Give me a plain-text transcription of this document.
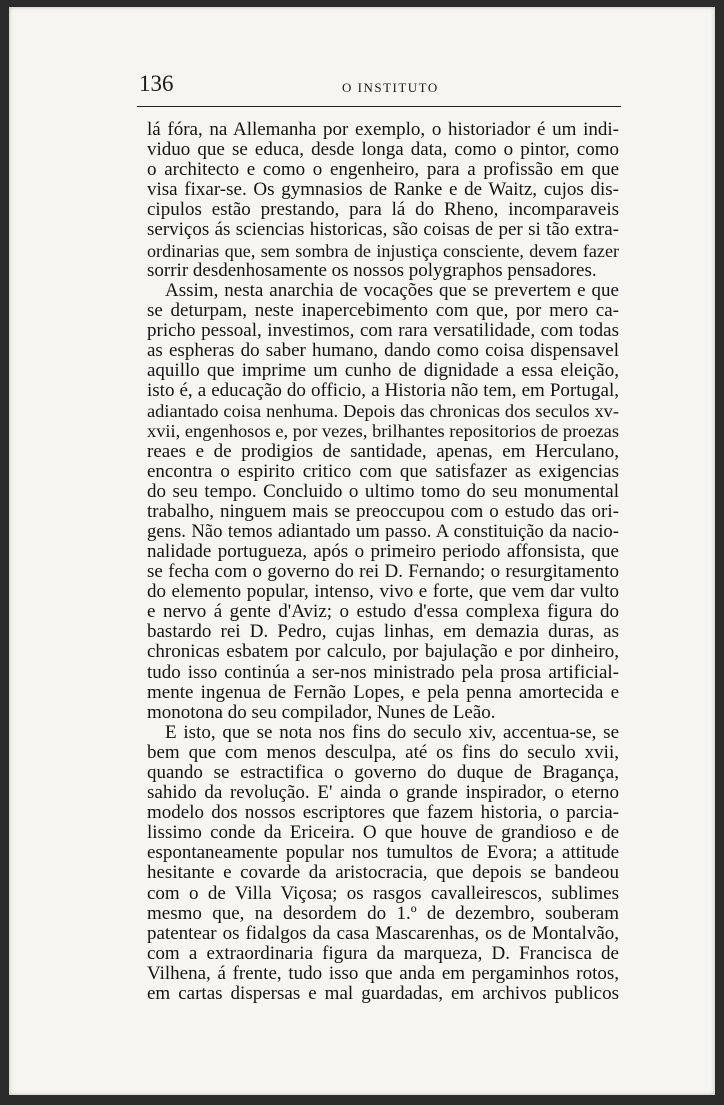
136	O INSTITUTO
lá fóra, na Allemanha por exemplo, o historiador é um indi-
viduo que se educa, desde longa data, como o pintor, como
o architecto e como o engenheiro, para a profissão em que
visa fixar-se. Os gymnasios de Ranke e de Waitz, cujos dis-
cipulos estão prestando, para lá do Rheno, incomparaveis
serviços ás sciencias historicas, são coisas de per si tão extra-
ordinarias que, sem sombra de injustiça consciente, devem fazer
sorrir desdenhosamente os nossos polygraphos pensadores.
Assim, nesta anarchia de vocações que se prevertem e que
se deturpam, neste inapercebimento com que, por mero ca-
pricho pessoal, investimos, com rara versatilidade, com todas
as espheras do saber humano, dando como coisa dispensavel
aquillo que imprime um cunho de dignidade a essa eleição,
isto é, a educação do officio, a Historia não tem, em Portugal,
adiantado coisa nenhuma. Depois das chronicas dos seculos xv-
xvii, engenhosos e, por vezes, brilhantes repositorios de proezas
reaes e de prodigios de santidade, apenas, em Herculano,
encontra o espirito critico com que satisfazer as exigencias
do seu tempo. Concluido o ultimo tomo do seu monumental
trabalho, ninguem mais se preoccupou com o estudo das ori-
gens. Não temos adiantado um passo. A constituição da nacio-
nalidade portugueza, após o primeiro periodo affonsista, que
se fecha com o governo do rei D. Fernando; o resurgitamento
do elemento popular, intenso, vivo e forte, que vem dar vulto
e nervo á gente d'Aviz; o estudo d'essa complexa figura do
bastardo rei D. Pedro, cujas linhas, em demazia duras, as
chronicas esbatem por calculo, por bajulação e por dinheiro,
tudo isso continúa a ser-nos ministrado pela prosa artificial-
mente ingenua de Fernão Lopes, e pela penna amortecida e
monotona do seu compilador, Nunes de Leão.
E isto, que se nota nos fins do seculo xiv, accentua-se, se
bem que com menos desculpa, até os fins do seculo xvii,
quando se estractifica o governo do duque de Bragança,
sahido da revolução. E' ainda o grande inspirador, o eterno
modelo dos nossos escriptores que fazem historia, o parcia-
lissimo conde da Ericeira. O que houve de grandioso e de
espontaneamente popular nos tumultos de Evora; a attitude
hesitante e covarde da aristocracia, que depois se bandeou
com o de Villa Viçosa; os rasgos cavalleirescos, sublimes
mesmo que, na desordem do 1.º de dezembro, souberam
patentear os fidalgos da casa Mascarenhas, os de Montalvão,
com a extraordinaria figura da marqueza, D. Francisca de
Vilhena, á frente, tudo isso que anda em pergaminhos rotos,
em cartas dispersas e mal guardadas, em archivos publicos
